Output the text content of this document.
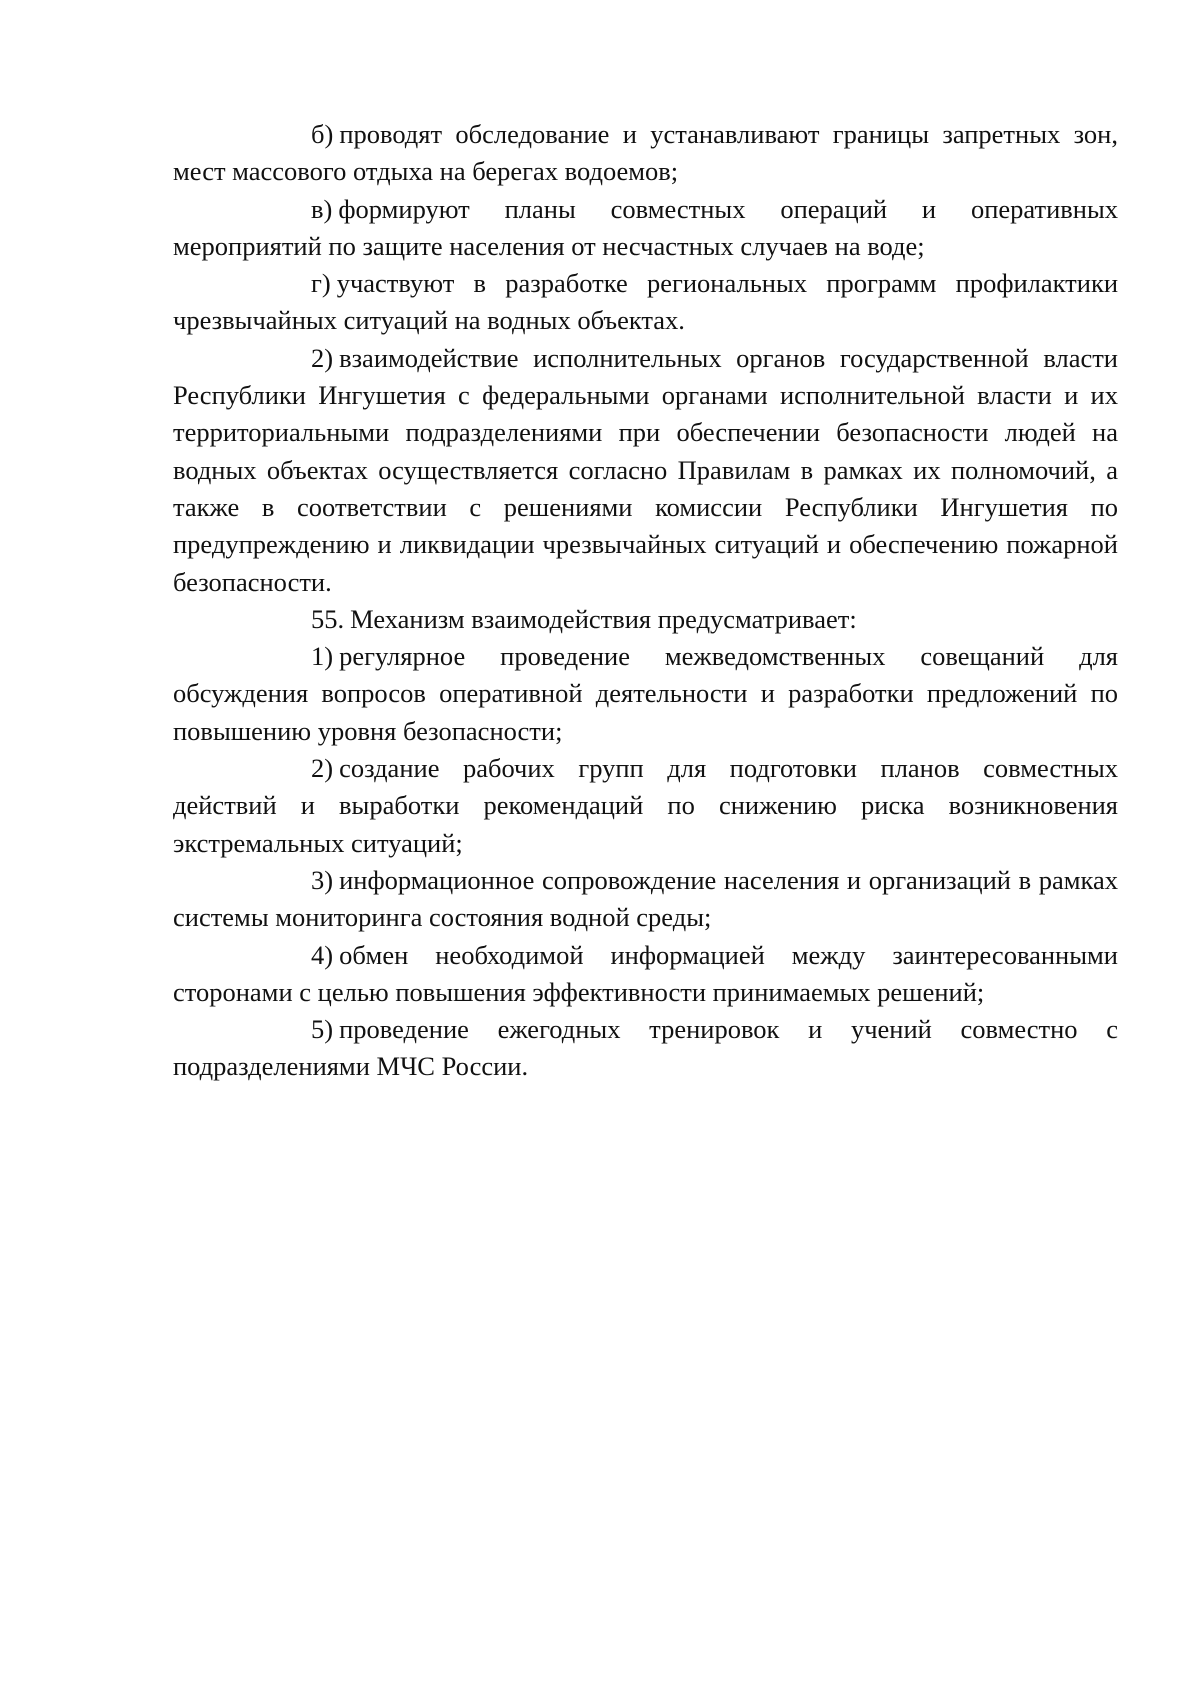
б) проводят обследование и устанавливают границы запретных зон, мест массового отдыха на берегах водоемов;

в) формируют планы совместных операций и оперативных мероприятий по защите населения от несчастных случаев на воде;

г) участвуют в разработке региональных программ профилактики чрезвычайных ситуаций на водных объектах.

2) взаимодействие исполнительных органов государственной власти Республики Ингушетия с федеральными органами исполнительной власти и их территориальными подразделениями при обеспечении безопасности людей на водных объектах осуществляется согласно Правилам в рамках их полномочий, а также в соответствии с решениями комиссии Республики Ингушетия по предупреждению и ликвидации чрезвычайных ситуаций и обеспечению пожарной безопасности.

55. Механизм взаимодействия предусматривает:

1) регулярное проведение межведомственных совещаний для обсуждения вопросов оперативной деятельности и разработки предложений по повышению уровня безопасности;

2) создание рабочих групп для подготовки планов совместных действий и выработки рекомендаций по снижению риска возникновения экстремальных ситуаций;

3) информационное сопровождение населения и организаций в рамках системы мониторинга состояния водной среды;

4) обмен необходимой информацией между заинтересованными сторонами с целью повышения эффективности принимаемых решений;

5) проведение ежегодных тренировок и учений совместно с подразделениями МЧС России.
